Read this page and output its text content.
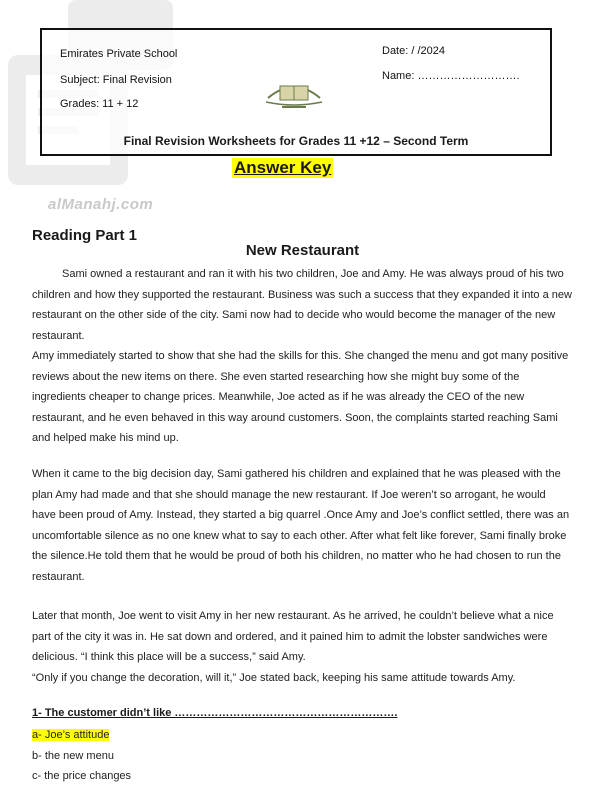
alManahj.com
Emirates Private School
Subject: Final Revision
Grades: 11 + 12
Date: / /2024
Name: ……………………….
Final Revision Worksheets for Grades 11 +12 – Second Term
Answer Key
Reading Part 1
New Restaurant
Sami owned a restaurant and ran it with his two children, Joe and Amy. He was always proud of his two children and how they supported the restaurant. Business was such a success that they expanded it into a new restaurant on the other side of the city. Sami now had to decide who would become the manager of the new restaurant.
Amy immediately started to show that she had the skills for this. She changed the menu and got many positive reviews about the new items on there. She even started researching how she might buy some of the ingredients cheaper to change prices. Meanwhile, Joe acted as if he was already the CEO of the new restaurant, and he even behaved in this way around customers. Soon, the complaints started reaching Sami and helped make his mind up.
When it came to the big decision day, Sami gathered his children and explained that he was pleased with the plan Amy had made and that she should manage the new restaurant. If Joe weren’t so arrogant, he would have been proud of Amy. Instead, they started a big quarrel .Once Amy and Joe’s conflict settled, there was an uncomfortable silence as no one knew what to say to each other. After what felt like forever, Sami finally broke the silence.He told them that he would be proud of both his children, no matter who he had chosen to run the restaurant.
Later that month, Joe went to visit Amy in her new restaurant. As he arrived, he couldn’t believe what a nice part of the city it was in. He sat down and ordered, and it pained him to admit the lobster sandwiches were delicious. “I think this place will be a success,” said Amy.
“Only if you change the decoration, will it,” Joe stated back, keeping his same attitude towards Amy.
1- The customer didn’t like …………………………………………………….
a- Joe’s attitude
b- the new menu
c- the price changes
